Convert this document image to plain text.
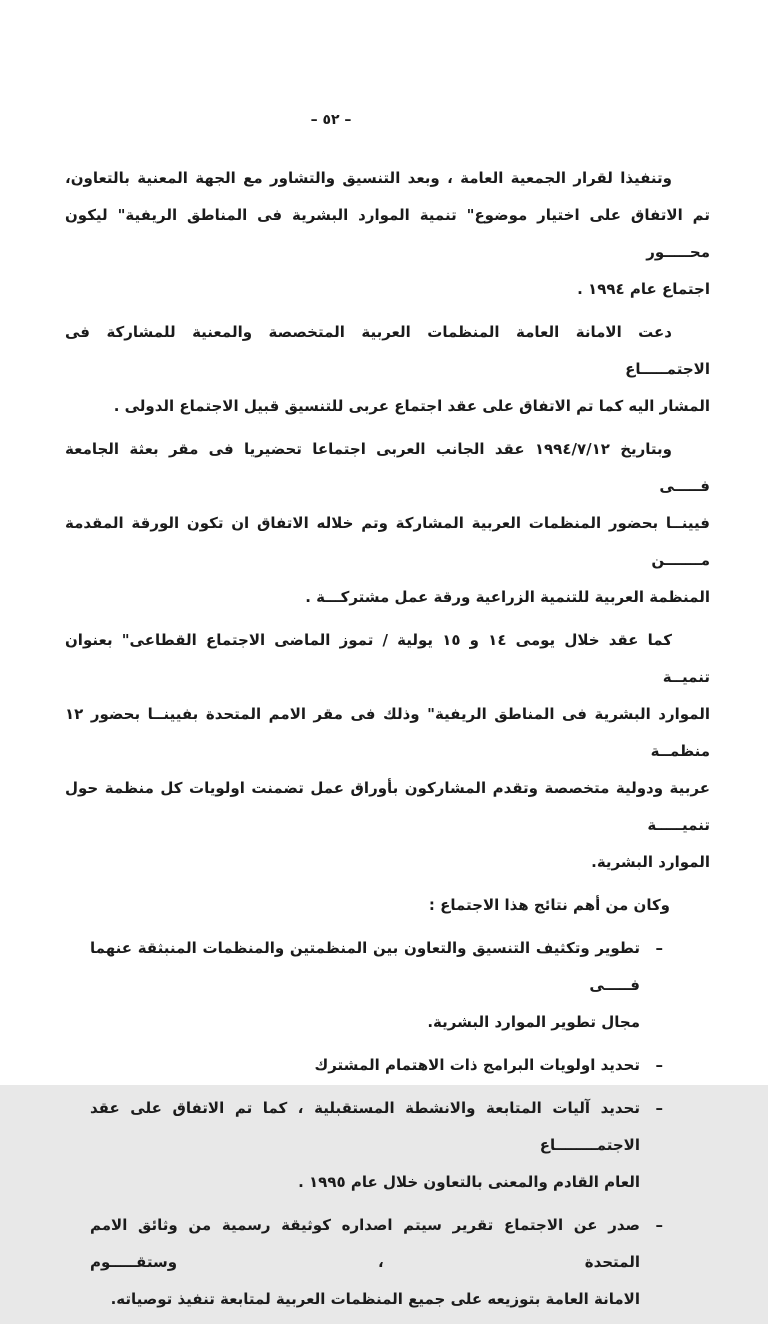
– ٥٢ –
وتنفيذا لقرار الجمعية العامة ، وبعد التنسيق والتشاور مع الجهة المعنية بالتعاون،
تم الاتفاق على اختيار موضوع" تنمية الموارد البشرية فى المناطق الريفية" ليكون محـــــور
اجتماع عام ١٩٩٤ .
دعت الامانة العامة المنظمات العربية المتخصصة والمعنية للمشاركة فى الاجتمـــــاع
المشار اليه كما تم الاتفاق على عقد اجتماع عربى للتنسيق قبيل الاجتماع الدولى .
وبتاريخ ١٩٩٤/٧/١٢ عقد الجانب العربى اجتماعا تحضيريا فى مقر بعثة الجامعة فـــــى
فيينــا بحضور المنظمات العربية المشاركة وتم خلاله الاتفاق ان تكون الورقة المقدمة مـــــــن
المنظمة العربية للتنمية الزراعية ورقة عمل مشتركـــة .
كما عقد خلال يومى ١٤ و ١٥ يولية / تموز الماضى الاجتماع القطاعى" بعنوان تنميــة
الموارد البشرية فى المناطق الريفية" وذلك فى مقر الامم المتحدة بفيينــا بحضور ١٢ منظمــة
عربية ودولية متخصصة وتقدم المشاركون بأوراق عمل تضمنت اولويات كل منظمة حول تنميـــــة
الموارد البشرية.
وكان من أهم نتائج هذا الاجتماع :
–
تطوير وتكثيف التنسيق والتعاون بين المنظمتين والمنظمات المنبثقة عنهما فـــــى
مجال تطوير الموارد البشرية.
–
تحديد اولويات البرامج ذات الاهتمام المشترك
–
تحديد آليات المتابعة والانشطة المستقبلية ، كما تم الاتفاق على عقد الاجتمــــــــاع
العام القادم والمعنى بالتعاون خلال عام ١٩٩٥ .
–
صدر عن الاجتماع تقرير سيتم اصداره كوثيقة رسمية من وثائق الامم المتحدة ، وستقـــــوم
الامانة العامة بتوزيعه على جميع المنظمات العربية لمتابعة تنفيذ توصياته.
